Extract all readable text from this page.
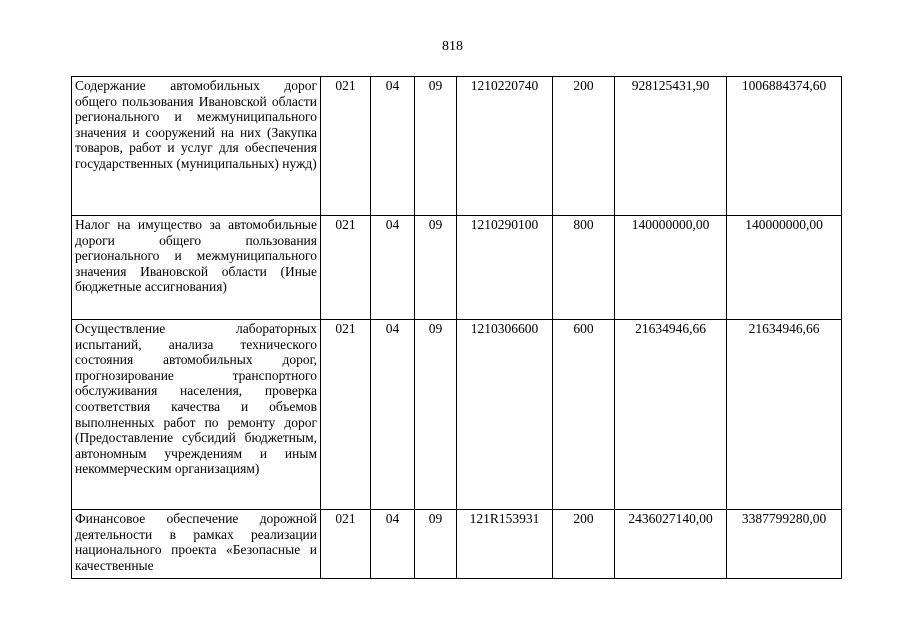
818
Содержание автомобильных дорог общего пользования Ивановской области регионального и межмуниципального значения и сооружений на них (Закупка товаров, работ и услуг для обеспечения государственных (муниципальных) нужд)	021	04	09	1210220740	200	928125431,90	1006884374,60
Налог на имущество за автомобильные дороги общего пользования регионального и межмуниципального значения Ивановской области (Иные бюджетные ассигнования)	021	04	09	1210290100	800	140000000,00	140000000,00
Осуществление лабораторных испытаний, анализа технического состояния автомобильных дорог, прогнозирование транспортного обслуживания населения, проверка соответствия качества и объемов выполненных работ по ремонту дорог (Предоставление субсидий бюджетным, автономным учреждениям и иным некоммерческим организациям)	021	04	09	1210306600	600	21634946,66	21634946,66
Финансовое обеспечение дорожной деятельности в рамках реализации национального проекта «Безопасные и качественные	021	04	09	121R153931	200	2436027140,00	3387799280,00
